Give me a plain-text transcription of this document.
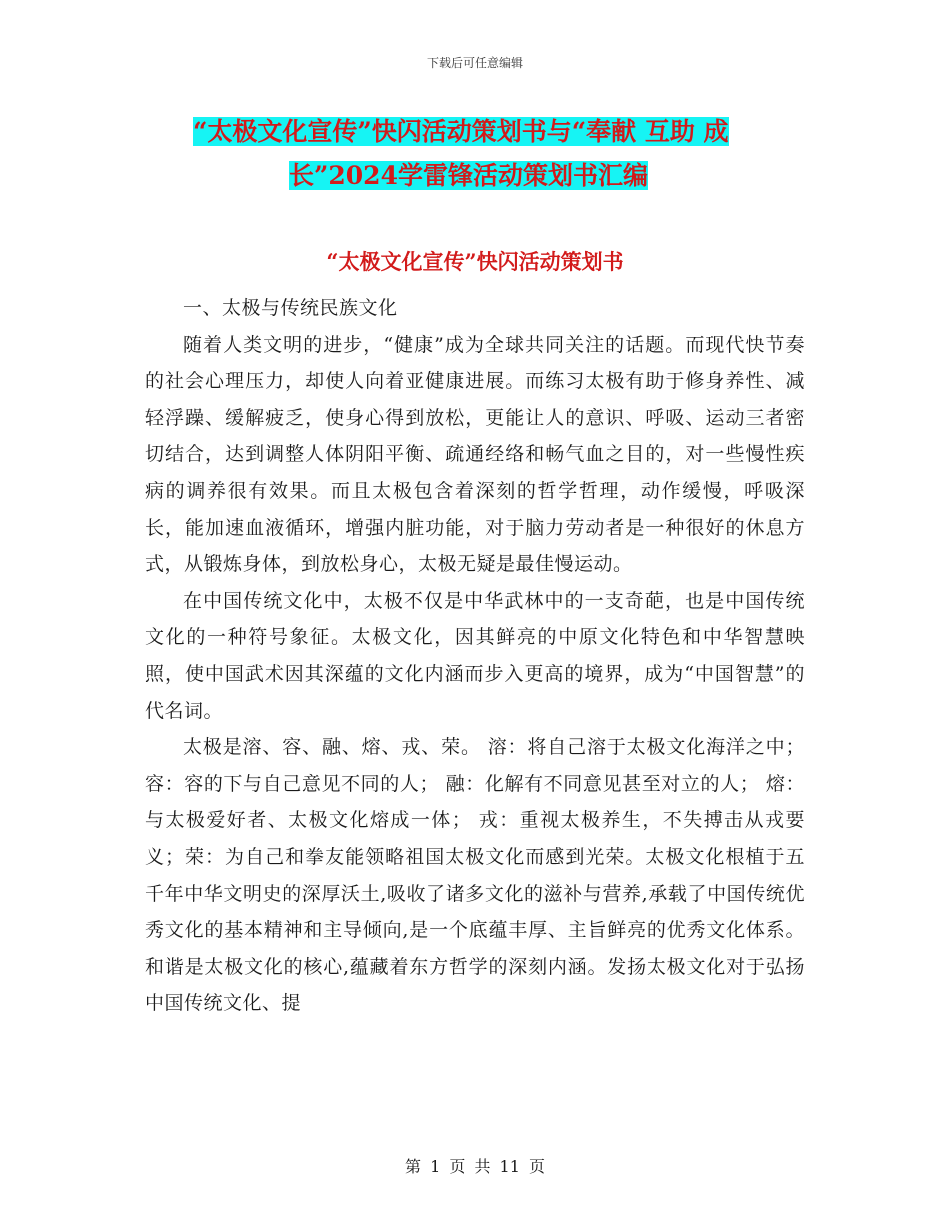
下载后可任意编辑
“太极文化宣传”快闪活动策划书与“奉献 互助 成
长”2024学雷锋活动策划书汇编
“太极文化宣传”快闪活动策划书

一、太极与传统民族文化

随着人类文明的进步，“健康”成为全球共同关注的话题。而现代快节奏的社会心理压力，却使人向着亚健康进展。而练习太极有助于修身养性、减轻浮躁、缓解疲乏，使身心得到放松，更能让人的意识、呼吸、运动三者密切结合，达到调整人体阴阳平衡、疏通经络和畅气血之目的，对一些慢性疾病的调养很有效果。而且太极包含着深刻的哲学哲理，动作缓慢，呼吸深长，能加速血液循环，增强内脏功能，对于脑力劳动者是一种很好的休息方式，从锻炼身体，到放松身心，太极无疑是最佳慢运动。

在中国传统文化中，太极不仅是中华武林中的一支奇葩，也是中国传统文化的一种符号象征。太极文化，因其鲜亮的中原文化特色和中华智慧映照，使中国武术因其深蕴的文化内涵而步入更高的境界，成为“中国智慧”的代名词。

太极是溶、容、融、熔、戎、荣。 溶：将自己溶于太极文化海洋之中；容：容的下与自己意见不同的人； 融：化解有不同意见甚至对立的人； 熔：与太极爱好者、太极文化熔成一体； 戎：重视太极养生，不失搏击从戎要义；荣：为自己和拳友能领略祖国太极文化而感到光荣。太极文化根植于五千年中华文明史的深厚沃土,吸收了诸多文化的滋补与营养,承载了中国传统优秀文化的基本精神和主导倾向,是一个底蕴丰厚、主旨鲜亮的优秀文化体系。和谐是太极文化的核心,蕴藏着东方哲学的深刻内涵。发扬太极文化对于弘扬中国传统文化、提

第 1 页 共 11 页
